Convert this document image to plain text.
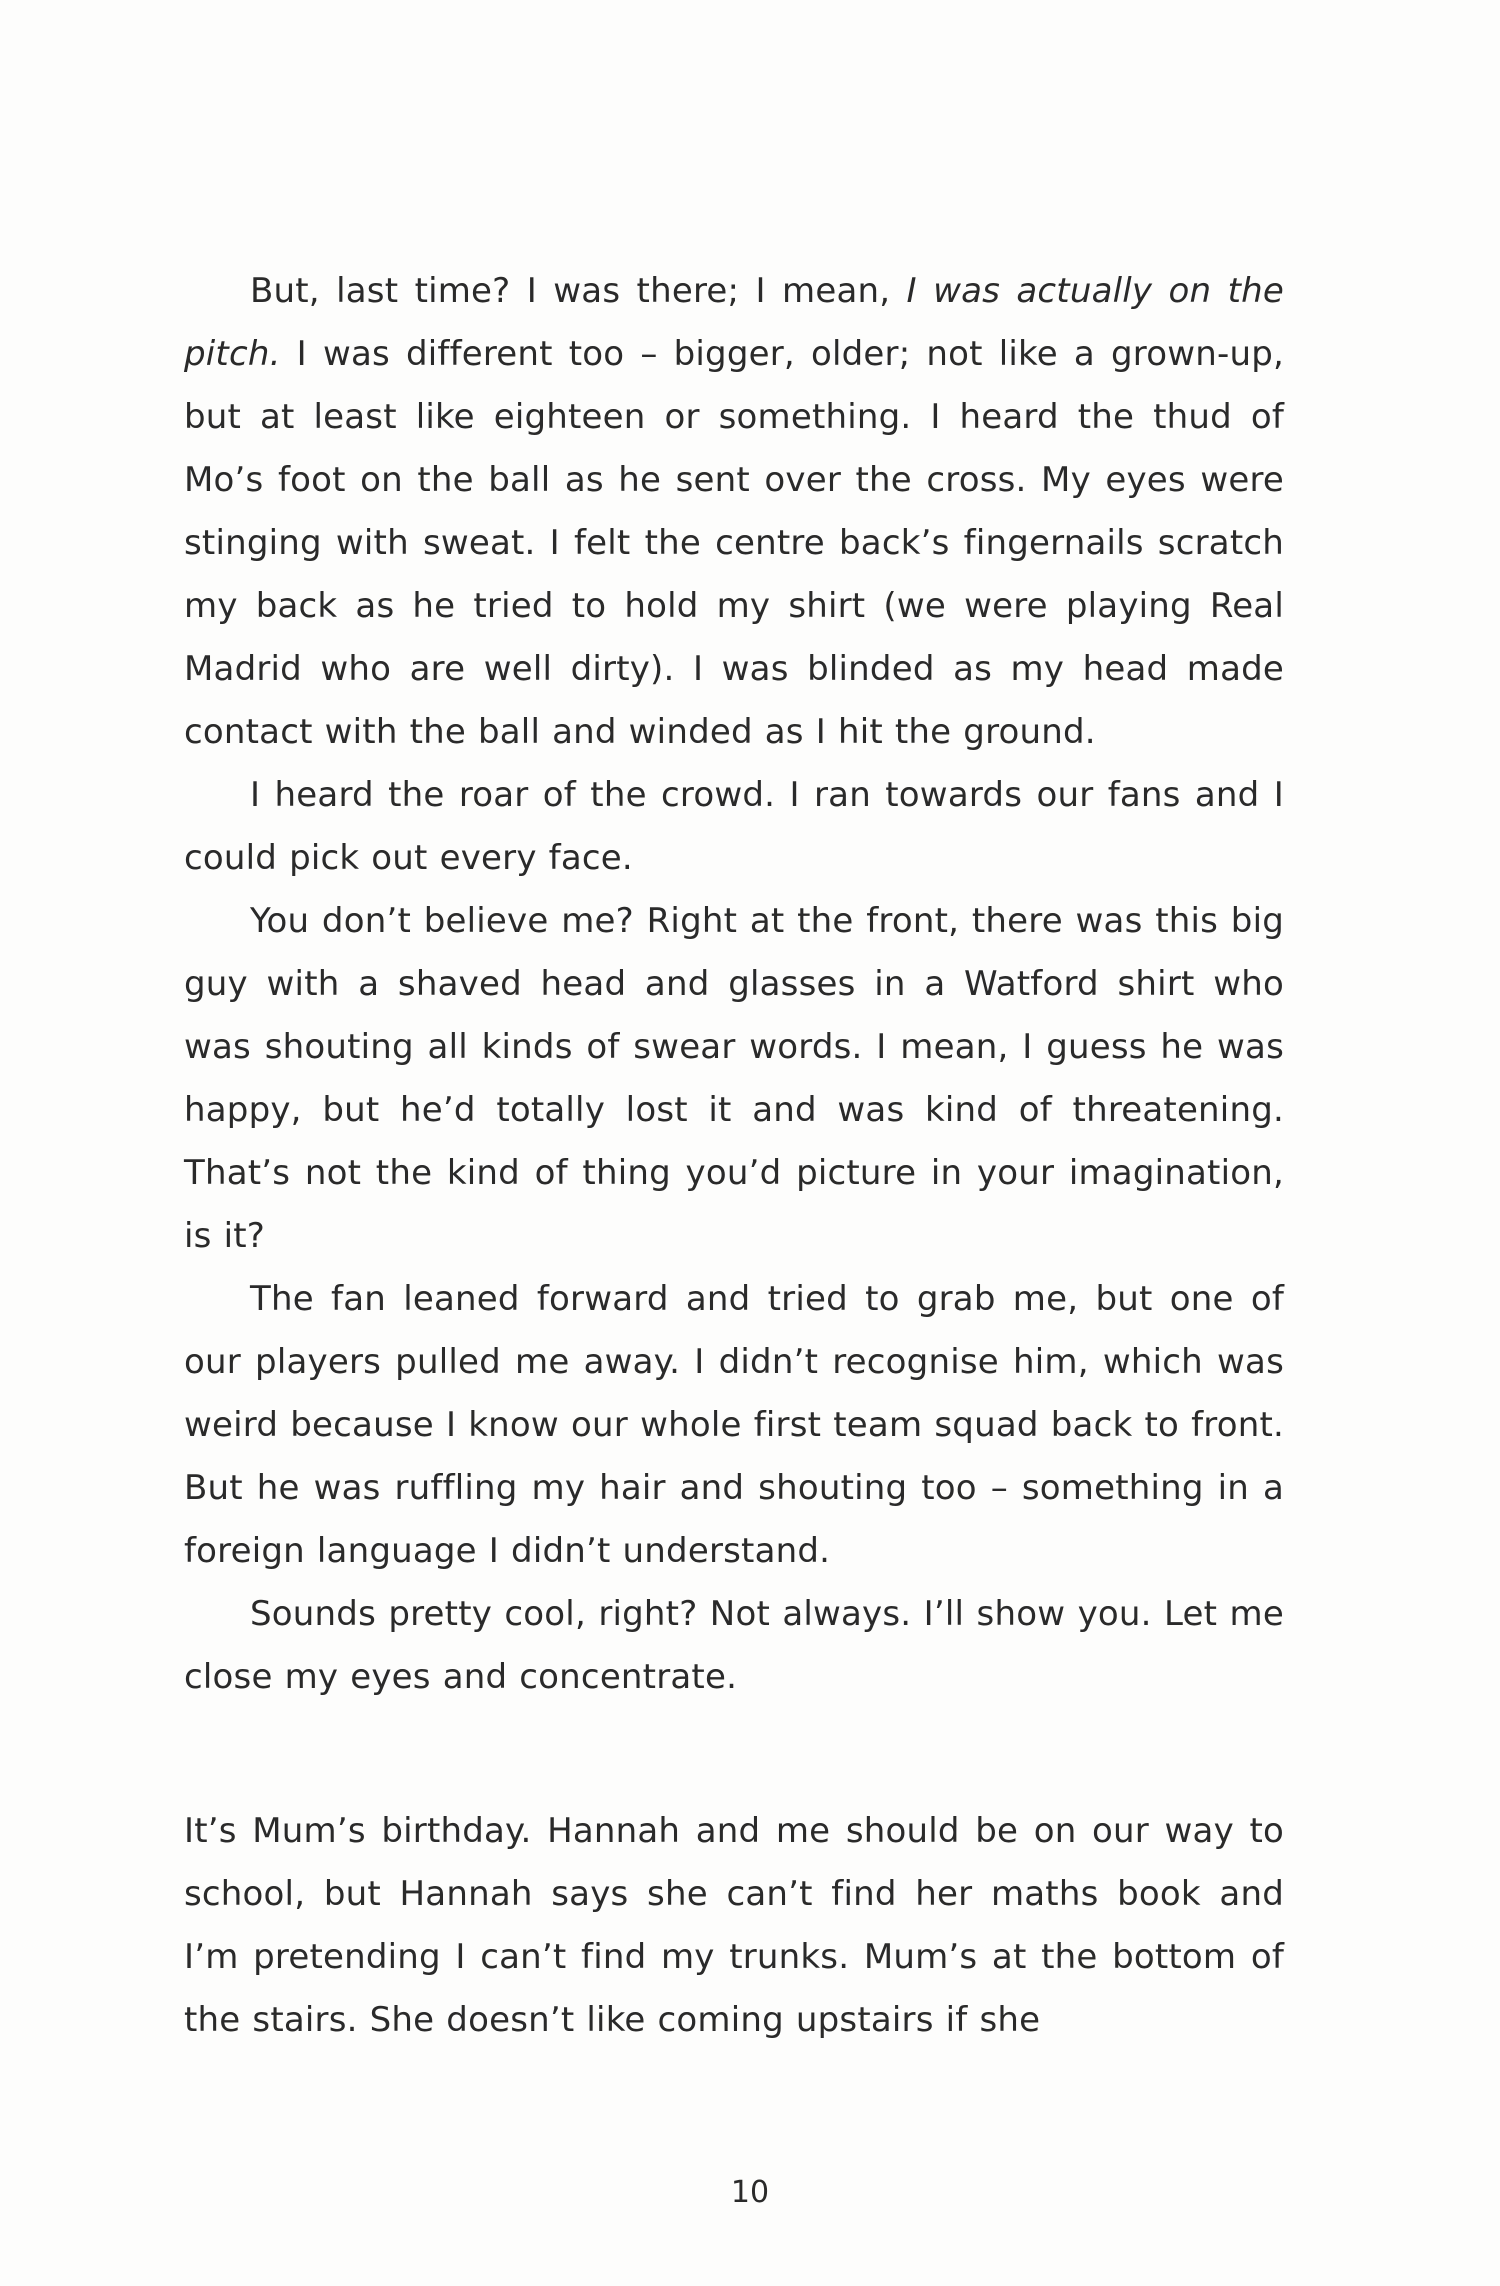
But, last time? I was there; I mean, I was actually on the pitch. I was different too – bigger, older; not like a grown-up, but at least like eighteen or something. I heard the thud of Mo’s foot on the ball as he sent over the cross. My eyes were stinging with sweat. I felt the centre back’s fingernails scratch my back as he tried to hold my shirt (we were playing Real Madrid who are well dirty). I was blinded as my head made contact with the ball and winded as I hit the ground.

I heard the roar of the crowd. I ran towards our fans and I could pick out every face.

You don’t believe me? Right at the front, there was this big guy with a shaved head and glasses in a Watford shirt who was shouting all kinds of swear words. I mean, I guess he was happy, but he’d totally lost it and was kind of threatening. That’s not the kind of thing you’d picture in your imagination, is it?

The fan leaned forward and tried to grab me, but one of our players pulled me away. I didn’t recognise him, which was weird because I know our whole first team squad back to front. But he was ruffling my hair and shouting too – something in a foreign language I didn’t understand.

Sounds pretty cool, right? Not always. I’ll show you. Let me close my eyes and concentrate.

It’s Mum’s birthday. Hannah and me should be on our way to school, but Hannah says she can’t find her maths book and I’m pretending I can’t find my trunks. Mum’s at the bottom of the stairs. She doesn’t like coming upstairs if she

10
